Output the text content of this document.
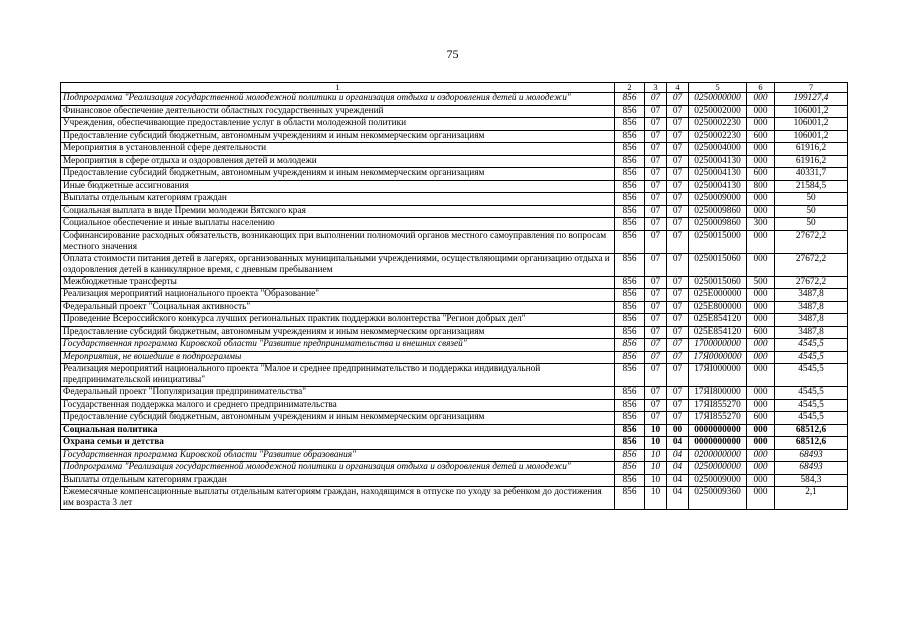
75
1	2	3	4	5	6	7
Подпрограмма "Реализация государственной молодежной политики и организация отдыха и оздоровления детей и молодежи"	856	07	07	0250000000	000	199127,4
Финансовое обеспечение деятельности областных государственных учреждений	856	07	07	0250002000	000	106001,2
Учреждения, обеспечивающие предоставление услуг в области молодежной политики	856	07	07	0250002230	000	106001,2
Предоставление субсидий бюджетным, автономным учреждениям и иным некоммерческим организациям	856	07	07	0250002230	600	106001,2
Мероприятия в установленной сфере деятельности	856	07	07	0250004000	000	61916,2
Мероприятия в сфере отдыха и оздоровления детей и молодежи	856	07	07	0250004130	000	61916,2
Предоставление субсидий бюджетным, автономным учреждениям и иным некоммерческим организациям	856	07	07	0250004130	600	40331,7
Иные бюджетные ассигнования	856	07	07	0250004130	800	21584,5
Выплаты отдельным категориям граждан	856	07	07	0250009000	000	50
Социальная выплата в виде Премии молодежи Вятского края	856	07	07	0250009860	000	50
Социальное обеспечение и иные выплаты населению	856	07	07	0250009860	300	50
Софинансирование расходных обязательств, возникающих при выполнении полномочий органов местного самоуправления по вопросам местного значения	856	07	07	0250015000	000	27672,2
Оплата стоимости питания детей в лагерях, организованных муниципальными учреждениями, осуществляющими организацию отдыха и оздоровления детей в каникулярное время, с дневным пребыванием	856	07	07	0250015060	000	27672,2
Межбюджетные трансферты	856	07	07	0250015060	500	27672,2
Реализация мероприятий национального проекта "Образование"	856	07	07	025E000000	000	3487,8
Федеральный проект "Социальная активность"	856	07	07	025E800000	000	3487,8
Проведение Всероссийского конкурса лучших региональных практик поддержки волонтерства "Регион добрых дел"	856	07	07	025E854120	000	3487,8
Предоставление субсидий бюджетным, автономным учреждениям и иным некоммерческим организациям	856	07	07	025E854120	600	3487,8
Государственная программа Кировской области "Развитие предпринимательства и внешних связей"	856	07	07	1700000000	000	4545,5
Мероприятия, не вошедшие в подпрограммы	856	07	07	17Я0000000	000	4545,5
Реализация мероприятий национального проекта "Малое и среднее предпринимательство и поддержка индивидуальной предпринимательской инициативы"	856	07	07	17ЯI000000	000	4545,5
Федеральный проект "Популяризация предпринимательства"	856	07	07	17ЯI800000	000	4545,5
Государственная поддержка малого и среднего предпринимательства	856	07	07	17ЯI855270	000	4545,5
Предоставление субсидий бюджетным, автономным учреждениям и иным некоммерческим организациям	856	07	07	17ЯI855270	600	4545,5
Социальная политика	856	10	00	0000000000	000	68512,6
Охрана семьи и детства	856	10	04	0000000000	000	68512,6
Государственная программа Кировской области "Развитие образования"	856	10	04	0200000000	000	68493
Подпрограмма "Реализация государственной молодежной политики и организация отдыха и оздоровления детей и молодежи"	856	10	04	0250000000	000	68493
Выплаты отдельным категориям граждан	856	10	04	0250009000	000	584,3
Ежемесячные компенсационные выплаты отдельным категориям граждан, находящимся в отпуске по уходу за ребенком до достижения им возраста 3 лет	856	10	04	0250009360	000	2,1
